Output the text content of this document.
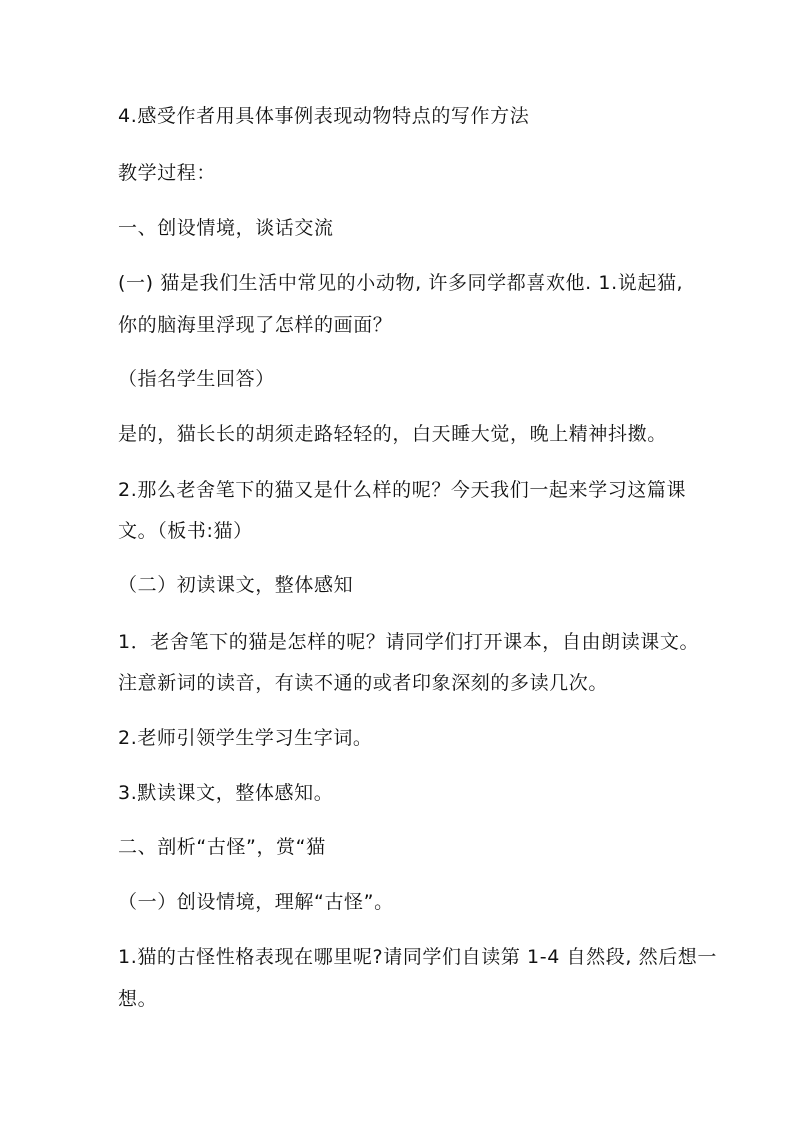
4.感受作者用具体事例表现动物特点的写作方法
教学过程：
一、创设情境，谈话交流
(一) 猫是我们生活中常见的小动物, 许多同学都喜欢他. 1.说起猫,
你的脑海里浮现了怎样的画面？
（指名学生回答）
是的，猫长长的胡须走路轻轻的，白天睡大觉，晚上精神抖擞。
2.那么老舍笔下的猫又是什么样的呢？今天我们一起来学习这篇课
文。（板书:猫）
（二）初读课文，整体感知
1．老舍笔下的猫是怎样的呢？请同学们打开课本，自由朗读课文。
注意新词的读音，有读不通的或者印象深刻的多读几次。
2.老师引领学生学习生字词。
3.默读课文，整体感知。
二、剖析“古怪”，赏“猫
（一）创设情境，理解“古怪”。
1.猫的古怪性格表现在哪里呢?请同学们自读第 1-4 自然段, 然后想一
想。
